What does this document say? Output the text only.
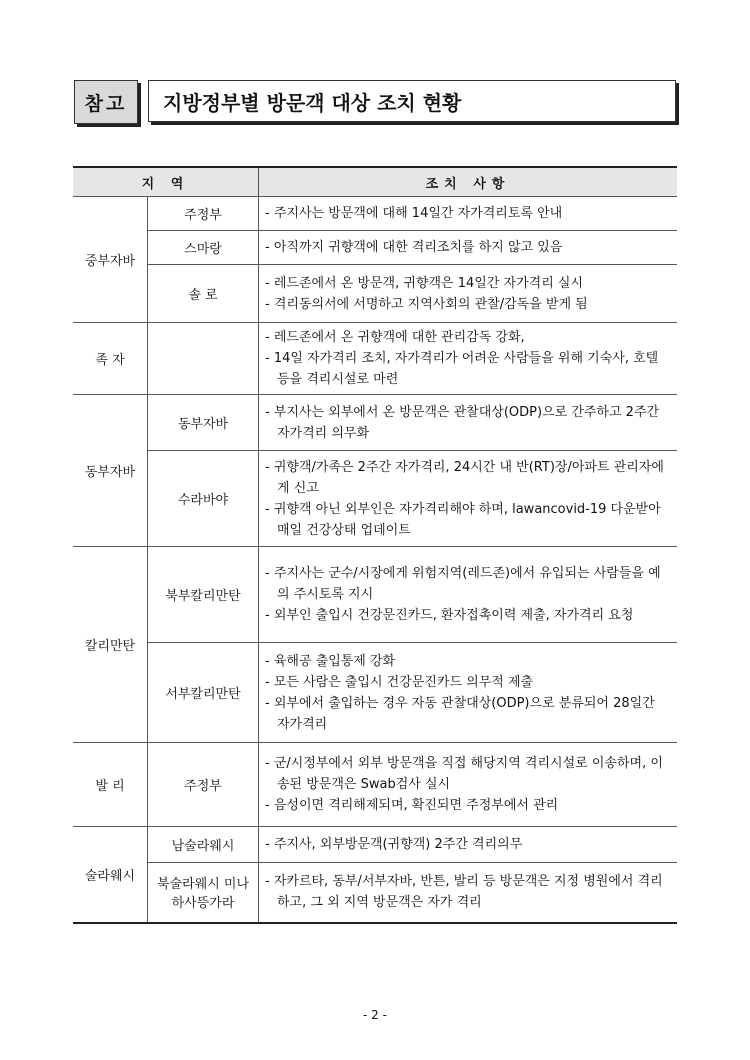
참고	지방정부별 방문객 대상 조치 현황
지 역		조치 사항
중부자바	주정부	- 주지사는 방문객에 대해 14일간 자가격리토록 안내

	스마랑	- 아직까지 귀향객에 대한 격리조치를 하지 않고 있음

	솔 로	- 레드존에서 온 방문객, 귀향객은 14일간 자가격리 실시
- 격리동의서에 서명하고 지역사회의 관찰/감독을 받게 됨

족 자		- 레드존에서 온 귀향객에 대한 관리감독 강화,
- 14일 자가격리 조치, 자가격리가 어려운 사람들을 위해 기숙사, 호텔 등을 격리시설로 마련

동부자바	동부자바	- 부지사는 외부에서 온 방문객은 관찰대상(ODP)으로 간주하고 2주간 자가격리 의무화

	수라바야	- 귀향객/가족은 2주간 자가격리, 24시간 내 반(RT)장/아파트 관리자에게 신고
- 귀향객 아닌 외부인은 자가격리해야 하며, lawancovid-19 다운받아 매일 건강상태 업데이트

칼리만탄	북부칼리만탄	- 주지사는 군수/시장에게 위험지역(레드존)에서 유입되는 사람들을 예의 주시토록 지시
- 외부인 출입시 건강문진카드, 환자접촉이력 제출, 자가격리 요청

	서부칼리만탄	- 육해공 출입통제 강화
- 모든 사람은 출입시 건강문진카드 의무적 제출
- 외부에서 출입하는 경우 자동 관찰대상(ODP)으로 분류되어 28일간 자가격리

발 리	주정부	- 군/시정부에서 외부 방문객을 직접 해당지역 격리시설로 이송하며, 이송된 방문객은 Swab검사 실시
- 음성이면 격리해제되며, 확진되면 주정부에서 관리

술라웨시	남술라웨시	- 주지사, 외부방문객(귀향객) 2주간 격리의무

	북술라웨시 미나하사뜽가라	- 자카르타, 동부/서부자바, 반튼, 발리 등 방문객은 지정 병원에서 격리하고, 그 외 지역 방문객은 자가 격리
- 2 -
